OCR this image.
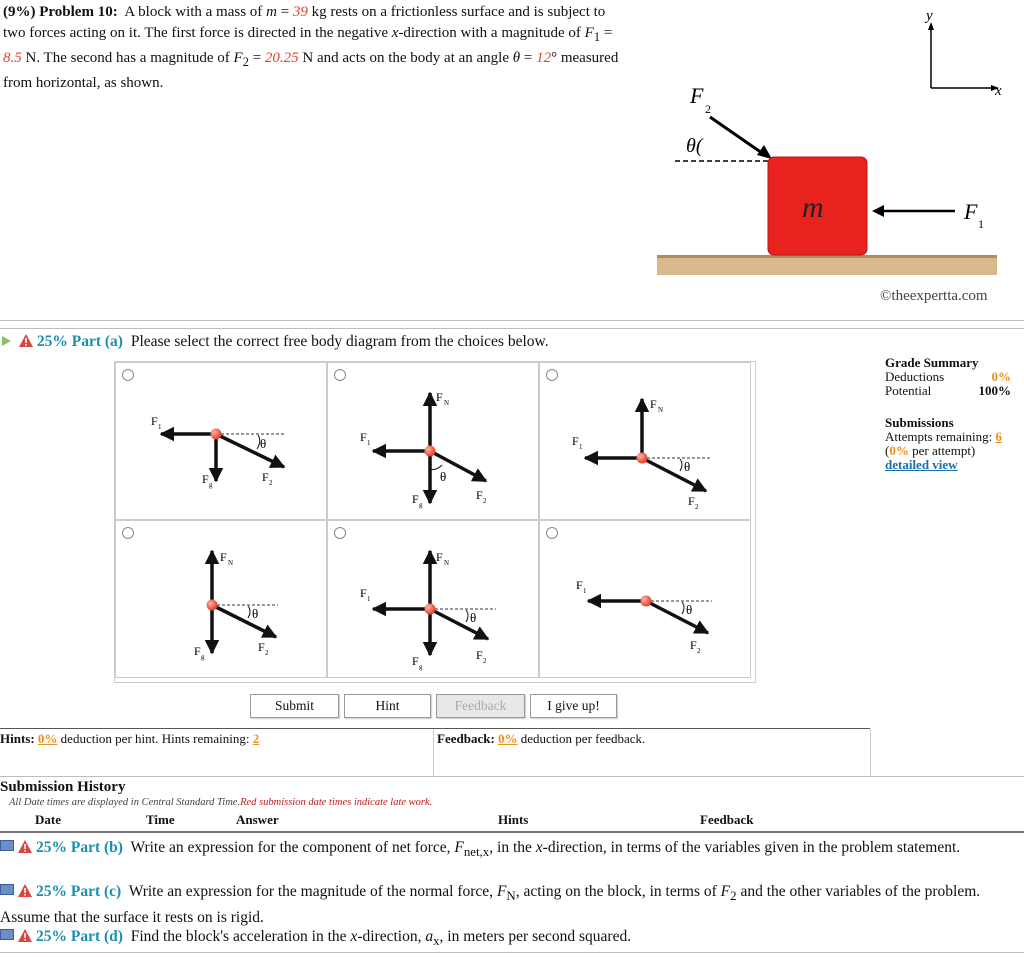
(9%) Problem 10: A block with a mass of m = 39 kg rests on a frictionless surface and is subject to two forces acting on it. The first force is directed in the negative x-direction with a magnitude of $F_1 = 8.5$ N. The second has a magnitude of $F_2 = 20.25$ N and acts on the body at an angle θ = 12° measured from horizontal, as shown.
y
x
F
2
θ(
m	F 1
©theexpertta.com
25% Part (a) Please select the correct free body diagram from the choices below.
θ
F 1
F g
F 2	θ
F N
F 1
F g
F 2
θ
F N
F 1
F 2
θ
F N
F g
F 2
θ
F N
F 1
F g
F 2
θ
F 1
F 2
Grade Summary
Deductions	0%
Potential	100%
Submissions
Attempts remaining: 6
(0% per attempt)
detailed view
Submit	Hint	Feedback	I give up!
Hints: 0% deduction per hint. Hints remaining: 2	Feedback: 0% deduction per feedback.
Submission History
All Date times are displayed in Central Standard Time.Red submission date times indicate late work.
Date	Time	Answer	Hints	Feedback
25% Part (b) Write an expression for the component of net force, $F_{net,x}$, in the x-direction, in terms of the variables given in the problem statement.
25% Part (c) Write an expression for the magnitude of the normal force, $F_N$, acting on the block, in terms of $F_2$ and the other variables of the problem. Assume that the surface it rests on is rigid.
25% Part (d) Find the block's acceleration in the x-direction, $a_x$, in meters per second squared.
